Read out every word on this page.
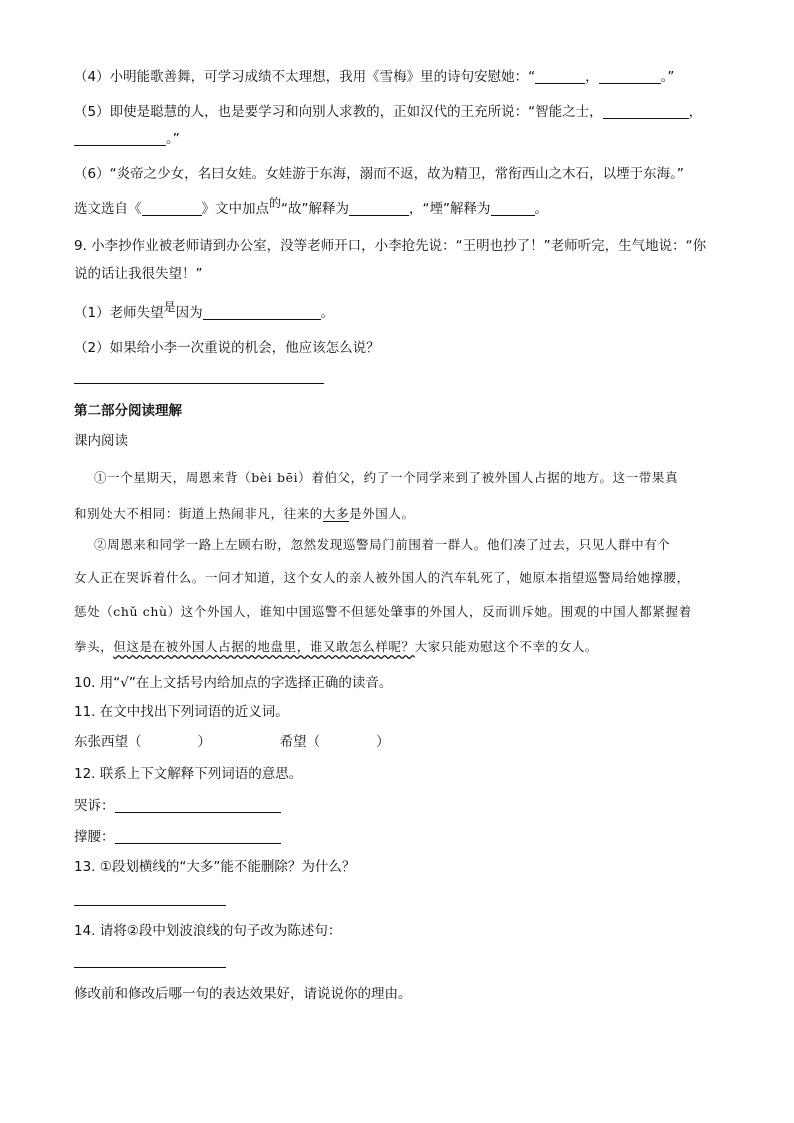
（4）小明能歌善舞，可学习成绩不太理想，我用《雪梅》里的诗句安慰她：“	，	。”
（5）即使是聪慧的人，也是要学习和向别人求教的，正如汉代的王充所说：“智能之士，	，
。”
（6）“炎帝之少女，名曰女娃。女娃游于东海，溺而不返，故为精卫，常衔西山之木石，以堙于东海。”
选文选自《	》文中加点的“故”解释为	，“堙”解释为	。
9. 小李抄作业被老师请到办公室，没等老师开口，小李抢先说：“王明也抄了！”老师听完，生气地说：“你
说的话让我很失望！”
（1）老师失望是因为	。
（2）如果给小李一次重说的机会，他应该怎么说？
第二部分阅读理解
课内阅读
①一个星期天，周恩来背（bèi bēi）着伯父，约了一个同学来到了被外国人占据的地方。这一带果真
和别处大不相同：街道上热闹非凡，往来的大多是外国人。
②周恩来和同学一路上左顾右盼，忽然发现巡警局门前围着一群人。他们凑了过去，只见人群中有个
女人正在哭诉着什么。一问才知道，这个女人的亲人被外国人的汽车轧死了，她原本指望巡警局给她撑腰，
惩处（chǔ chù）这个外国人，谁知中国巡警不但惩处肇事的外国人，反而训斥她。围观的中国人都紧握着
拳头，但这是在被外国人占据的地盘里，谁又敢怎么样呢？大家只能劝慰这个不幸的女人。
10. 用“√”在上文括号内给加点的字选择正确的读音。
11. 在文中找出下列词语的近义词。
东张西望（	）	希望（	）
12. 联系上下文解释下列词语的意思。
哭诉：
撑腰：
13. ①段划横线的“大多”能不能删除？为什么？
14. 请将②段中划波浪线的句子改为陈述句：
修改前和修改后哪一句的表达效果好，请说说你的理由。
